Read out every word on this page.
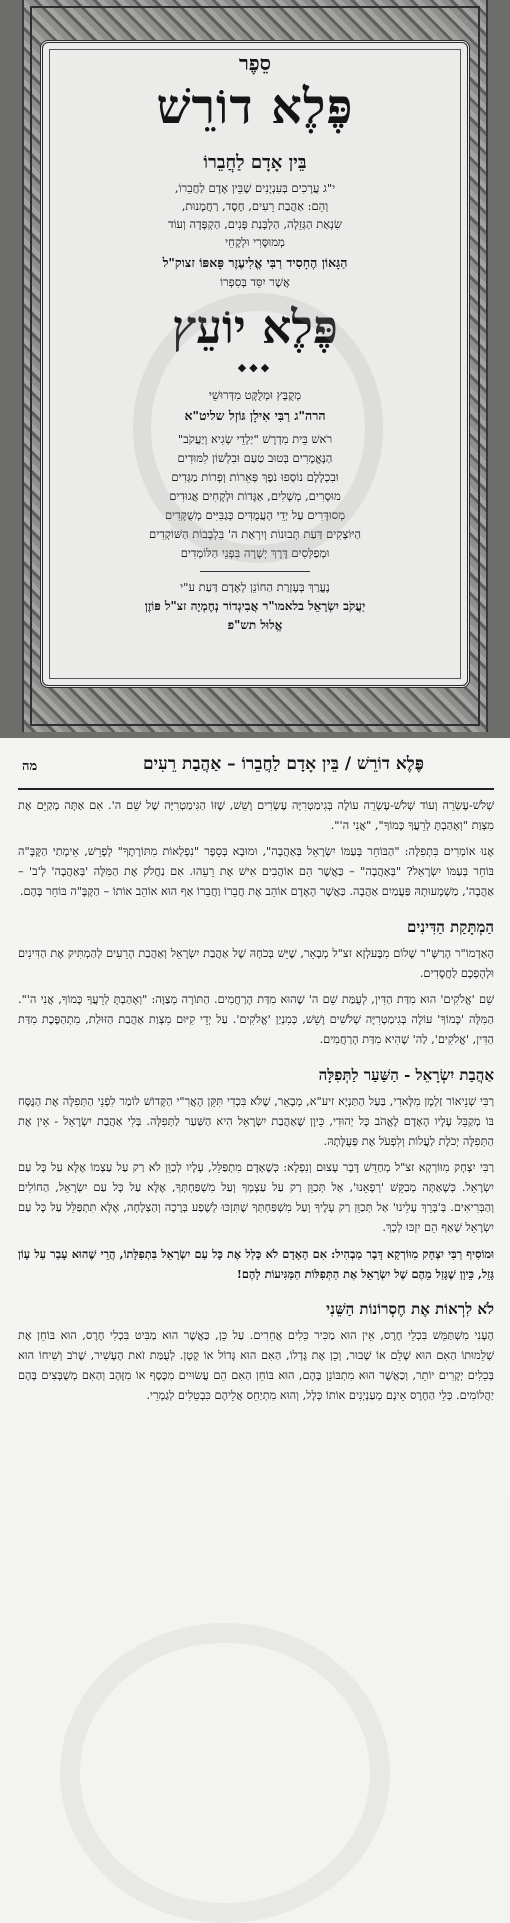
סֵפֶר
פֶּלֶא דוֹרֵשׁ
בֵּין אָדָם לַחֲבֵרוֹ
י"ג עֲרָכִים בְּעִנְיָנִים שֶׁבֵּין אָדָם לַחֲבֵרוֹ,
וְהֵם: אַהֲבַת רֵעִים, חֶסֶד, רַחֲמָנוּת,
שִׂנְאַת הַגְּזֵלָה, הַלְבָּנַת פָּנִים, הַקְפָּדָה וְעוֹד
מְמוּסָּרִי וּלְקָחֵי
הַגָּאוֹן הֶחָסִיד רַבִּי אֱלִיעֶזֶר פָּאפּוֹ זצוק"ל
אֲשֶׁר יִסֵּד בְּסִפְרוֹ
פֶּלֶא יוֹעֵץ
◆◆◆
מְקֻבָּץ וּמְלֻקָּט מִדְּרוּשֵׁי
הרה"ג רַבִּי אִילָן גּוֹזְל שליט"א
רֹאשׁ בֵּית מִדְרָשׁ "יַלְדֵי שְׂגִיא וְיַעֲקֹב"
הַנֶּאֱמָרִים בְּטוּב טַעַם וּבִלְשׁוֹן לִמּוּדִים
וּבִכְלָלָם נוֹסְפוּ נֹפֶךְ פְּאֵרוֹת וְפְרוֹת מַגְּדִים
מוּסָרִים, מְשָׁלִים, אַגָּדוֹת וּלְקָחִים אֲגוּדִים
מְסוּדָּרִים עַל יְדֵי הָעֲמֻדִּים כְּגַבִּיִּים מְשֻׁקָּדִים
הַיּוֹצְקִים דַּעַת תְּבוּנוֹת וְיִרְאַת ה' בִּלְבָבוֹת הַשּׁוֹקְדִים
וּמְפַלְּסִים דֶּרֶךְ יְשָׁרָה בִּפְנֵי הַלּוֹמְדִים
נֶעֱרַךְ בְּעֶזְרַת הַחוֹנֵן לְאָדָם דַּעַת ע"י
יַעֲקֹב יִשְׂרָאֵל בלאמו"ר אֲבִיגְדוֹר נְחֶמְיָה זצ"ל פּוֹזֶן
אֱלוּל תש"פ
פֶּלֶא דוֹרֵשׁ / בֵּין אָדָם לַחֲבֵרוֹ – אַהֲבַת רֵעִים
מה

שְׁלֹשׁ-עֶשְׂרֵה וְעוֹד שְׁלֹשׁ-עֶשְׂרֵה עוֹלֶה בְּגִימַטְרִיָּה עֶשְׂרִים וָשֵׁשׁ, שֶׁזּוֹ הַגִּימַטְרִיָּה שֶׁל שֵׁם ה'. אִם אַתָּה מְקַיֵּם אֶת מִצְוַת "וְאָהַבְתָּ לְרֵעֲךָ כָּמוֹךָ", "אֲנִי ה'".

אָנוּ אוֹמְרִים בִּתְפִלָּה: "הַבּוֹחֵר בְּעַמּוֹ יִשְׂרָאֵל בְּאַהֲבָה", וּמוּבָא בְּסֵפֶר "נִפְלְאוֹת מִתּוֹרָתֶךָ" לְפָרֵשׁ, אֵימָתַי הַקָּבָּ"ה בּוֹחֵר בְּעַמּוֹ יִשְׂרָאֵל? "בְּאַהֲבָה" – כַּאֲשֶׁר הֵם אוֹהֲבִים אִישׁ אֶת רֵעֵהוּ. אִם נַחֲלֹק אֶת הַמִּלָּה 'בְּאַהֲבָה' לְ'ב' – אַהֲבָה', מַשְׁמָעוּתָהּ פַּעֲמַיִם אַהֲבָה. כַּאֲשֶׁר הָאָדָם אוֹהֵב אֶת חֲבֵרוֹ וַחֲבֵרוֹ אַף הוּא אוֹהֵב אוֹתוֹ – הַקָּבָּ"ה בּוֹחֵר בָּהֶם.

הַמְתָּקַת הַדִּינִים

הָאַדְמוֹ"ר הָרַשָּׁ"ר שָׁלוֹם מִבֶּעלְזָא זצ"ל מְבָאֵר, שֶׁיֵּשׁ בְּכֹחָהּ שֶׁל אַהֲבַת יִשְׂרָאֵל וְאַהֲבַת הָרֵעִים לְהַמְתִּיק אֶת הַדִּינִים וּלְהָפְכָם לַחֲסָדִים.

שֵׁם 'אֱלֹקִים' הוּא מִדַּת הַדִּין, לְעֻמַּת שֵׁם ה' שֶׁהוּא מִדַּת הָרַחֲמִים. הַתּוֹרָה מְצַוָּה: "וְאָהַבְתָּ לְרֵעֲךָ כָּמוֹךָ, אֲנִי ה'". הַמִּלָּה 'כָּמוֹךָ' עוֹלָה בְּגִימַטְרִיָּה שְׁלֹשִׁים וָשֵׁשׁ, כְּמִנְיַן 'אֱלֹקִים'. עַל יְדֵי קִיּוּם מִצְוַת אַהֲבַת הַזּוּלַת, מִתְהַפֶּכֶת מִדַּת הַדִּין, 'אֱלֹקִים', לַה' שֶׁהִיא מִדַּת הָרַחֲמִים.

אַהֲבַת יִשְׂרָאֵל - הַשַּׁעַר לַתְּפִלָּה

רַבִּי שְׁנֵיאוֹר זַלְמָן מִלָּאדִי, בַּעַל הַתַּנְיָא זיע"א, מְבָאֵר, שֶׁלֹּא בִּכְדִי תִּקֵּן הָאֲרִ"י הַקָּדוֹשׁ לוֹמַר לִפְנֵי הַתְּפִלָּה אֶת הַנֻּסָּח בּוֹ מְקַבֵּל עָלָיו הָאָדָם לֶאֱהֹב כָּל יְהוּדִי, כֵּיוָן שֶׁאַהֲבַת יִשְׂרָאֵל הִיא הַשַּׁעַר לַתְּפִלָּה. בְּלִי אַהֲבַת יִשְׂרָאֵל - אֵין אֶת הַתְּפִלָּה יְכֹלֶת לַעֲלוֹת וְלִפְעֹל אֶת פְּעֻלָּתָהּ.

רַבִּי יִצְחָק מִוּוֹרְקָא זצ"ל מְחַדֵּשׁ דָּבָר עָצוּם וְנִפְלָא: כְּשֶׁאָדָם מִתְפַּלֵּל, עָלָיו לְכַוֵּן לֹא רַק עַל עַצְמוֹ אֶלָּא עַל כָּל עַם יִשְׂרָאֵל. כְּשֶׁאַתָּה מְבַקֵּשׁ 'רְפָאֵנוּ', אַל תְּכַוֵּן רַק עַל עַצְמְךָ וְעַל מִשְׁפַּחְתְּךָ, אֶלָּא עַל כָּל עַם יִשְׂרָאֵל, הַחוֹלִים וְהַבְּרִיאִים. בְּ'בָּרֵךְ עָלֵינוּ' אַל תְּכַוֵּן רַק עָלֶיךָ וְעַל מִשְׁפַּחְתְּךָ שֶׁתִּזְכּוּ לְשֶׁפַע בְּרָכָה וְהַצְלָחָה, אֶלָּא תִּתְפַּלֵּל עַל כָּל עַם יִשְׂרָאֵל שֶׁאַף הֵם יִזְכּוּ לְכָךְ.

וּמוֹסִיף רַבִּי יִצְחָק מִוּוֹרְקָא דָּבָר מַבְהִיל: אִם הָאָדָם לֹא כָּלַל אֶת כָּל עַם יִשְׂרָאֵל בִּתְפִלָּתוֹ, הֲרֵי שֶׁהוּא עָבַר עַל עָוֹן גָּזֵל, כֵּיוָן שֶׁגָּזַל מֵהֶם שֶׁל יִשְׂרָאֵל אֶת הַתְּפִלּוֹת הַמַּגִּיעוֹת לָהֶם!

לֹא לִרְאוֹת אֶת חֶסְרוֹנוֹת הַשֵּׁנִי

הֶעָנִי מִשְׁתַּמֵּשׁ בִּכְלֵי חֶרֶס, אֵין הוּא מַכִּיר כֵּלִים אֲחֵרִים. עַל כֵּן, כַּאֲשֶׁר הוּא מַבִּיט בִּכְלִי חֶרֶס, הוּא בּוֹחֵן אֶת שְׁלֵמוּתוֹ הַאִם הוּא שָׁלֵם אוֹ שָׁבוּר, וְכֵן אֶת גָּדְלוֹ, הַאִם הוּא גָּדוֹל אוֹ קָטָן. לְעֻמַּת זֹאת הֶעָשִׁיר, שֶׁרֹב וְשִׁיחוֹ הוּא בְּכֵלִים יְקָרִים יוֹתֵר, וְכַאֲשֶׁר הוּא מִתְבּוֹנֵן בָּהֶם, הוּא בּוֹחֵן הַאִם הֵם עֲשׂוּיִים מִכֶּסֶף אוֹ מִזָּהָב וְהַאִם מְשֻׁבָּצִים בָּהֶם יַהֲלוֹמִים. כְּלֵי הַחֶרֶס אֵינָם מְעַנְיְנִים אוֹתוֹ כְּלָל, וְהוּא מִתְיַחֵס אֲלֵיהֶם כִּבְטֵלִים לְגַמְרֵי.
